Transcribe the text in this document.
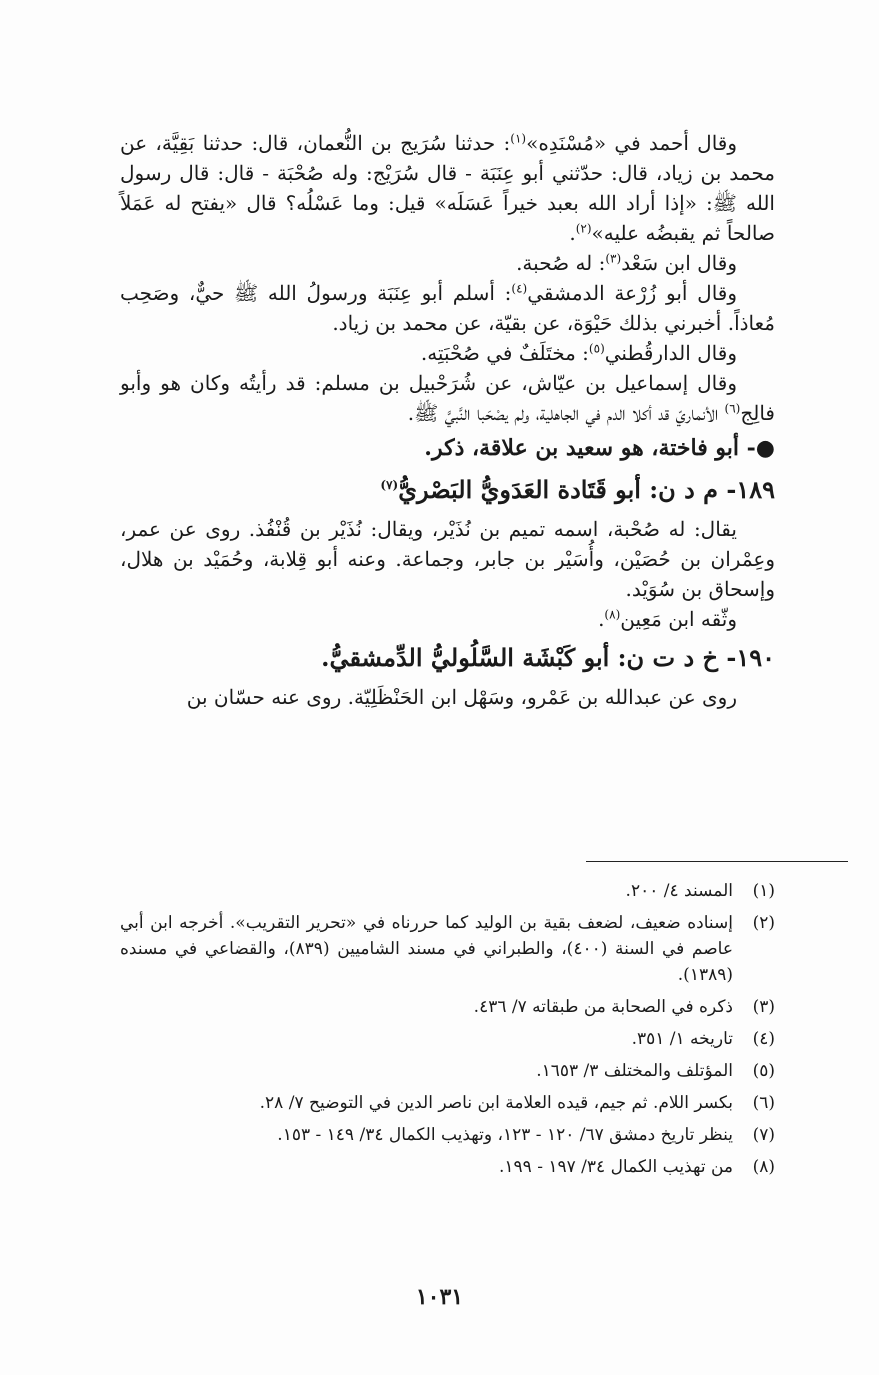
وقال أحمد في «مُسْنَدِه»$^{(١)}$: حدثنا سُرَيج بن النُّعمان، قال: حدثنا بَقِيَّة، عن محمد بن زياد، قال: حدّثني أبو عِنَبَة - قال سُرَيْج: وله صُحْبَة - قال: قال رسول الله ﷺ: «إذا أراد الله بعبد خيراً عَسَلَه» قيل: وما عَسْلُه؟ قال «يفتح له عَمَلاً صالحاً ثم يقبضُه عليه»$^{(٢)}$.

وقال ابن سَعْد$^{(٣)}$: له صُحبة.

وقال أبو زُرْعة الدمشقي$^{(٤)}$: أسلم أبو عِنَبَة ورسولُ الله ﷺ حيٌّ، وصَحِب مُعاذاً. أخبرني بذلك حَيْوَة، عن بقيّة، عن محمد بن زياد.

وقال الدارقُطني$^{(٥)}$: مختَلَفٌ في صُحْبَتِه.

وقال إسماعيل بن عيّاش، عن شُرَحْبيل بن مسلم: قد رأيتُه وكان هو وأبو فالِج$^{(٦)}$ الأنماريّ قد أكلا الدم في الجاهلية، ولم يصْحَبا النَّبيَّ ﷺ.

●- أبو فاختة، هو سعيد بن علاقة، ذكر.

١٨٩- م د ن: أبو قَتَادة العَدَويُّ البَصْريُّ$^{(٧)}$

يقال: له صُحْبة، اسمه تميم بن نُذَيْر، ويقال: نُذَيْر بن قُنْفُذ. روى عن عمر، وعِمْران بن حُصَيْن، وأُسَيْر بن جابر، وجماعة. وعنه أبو قِلابة، وحُمَيْد بن هلال، وإسحاق بن سُوَيْد.

وثّقه ابن مَعِين$^{(٨)}$.

١٩٠- خ د ت ن: أبو كَبْشَة السَّلُوليُّ الدِّمشقيُّ.

روى عن عبدالله بن عَمْرو، وسَهْل ابن الحَنْظَلِيّة. روى عنه حسّان بن

(١)
المسند ٤/ ٢٠٠.
(٢)
إسناده ضعيف، لضعف بقية بن الوليد كما حررناه في «تحرير التقريب». أخرجه ابن أبي عاصم في السنة (٤٠٠)، والطبراني في مسند الشاميين (٨٣٩)، والقضاعي في مسنده (١٣٨٩).
(٣)
ذكره في الصحابة من طبقاته ٧/ ٤٣٦.
(٤)
تاريخه ١/ ٣٥١.
(٥)
المؤتلف والمختلف ٣/ ١٦٥٣.
(٦)
بكسر اللام. ثم جيم، قيده العلامة ابن ناصر الدين في التوضيح ٧/ ٢٨.
(٧)
ينظر تاريخ دمشق ٦٧/ ١٢٠ - ١٢٣، وتهذيب الكمال ٣٤/ ١٤٩ - ١٥٣.
(٨)
من تهذيب الكمال ٣٤/ ١٩٧ - ١٩٩.
١٠٣١
